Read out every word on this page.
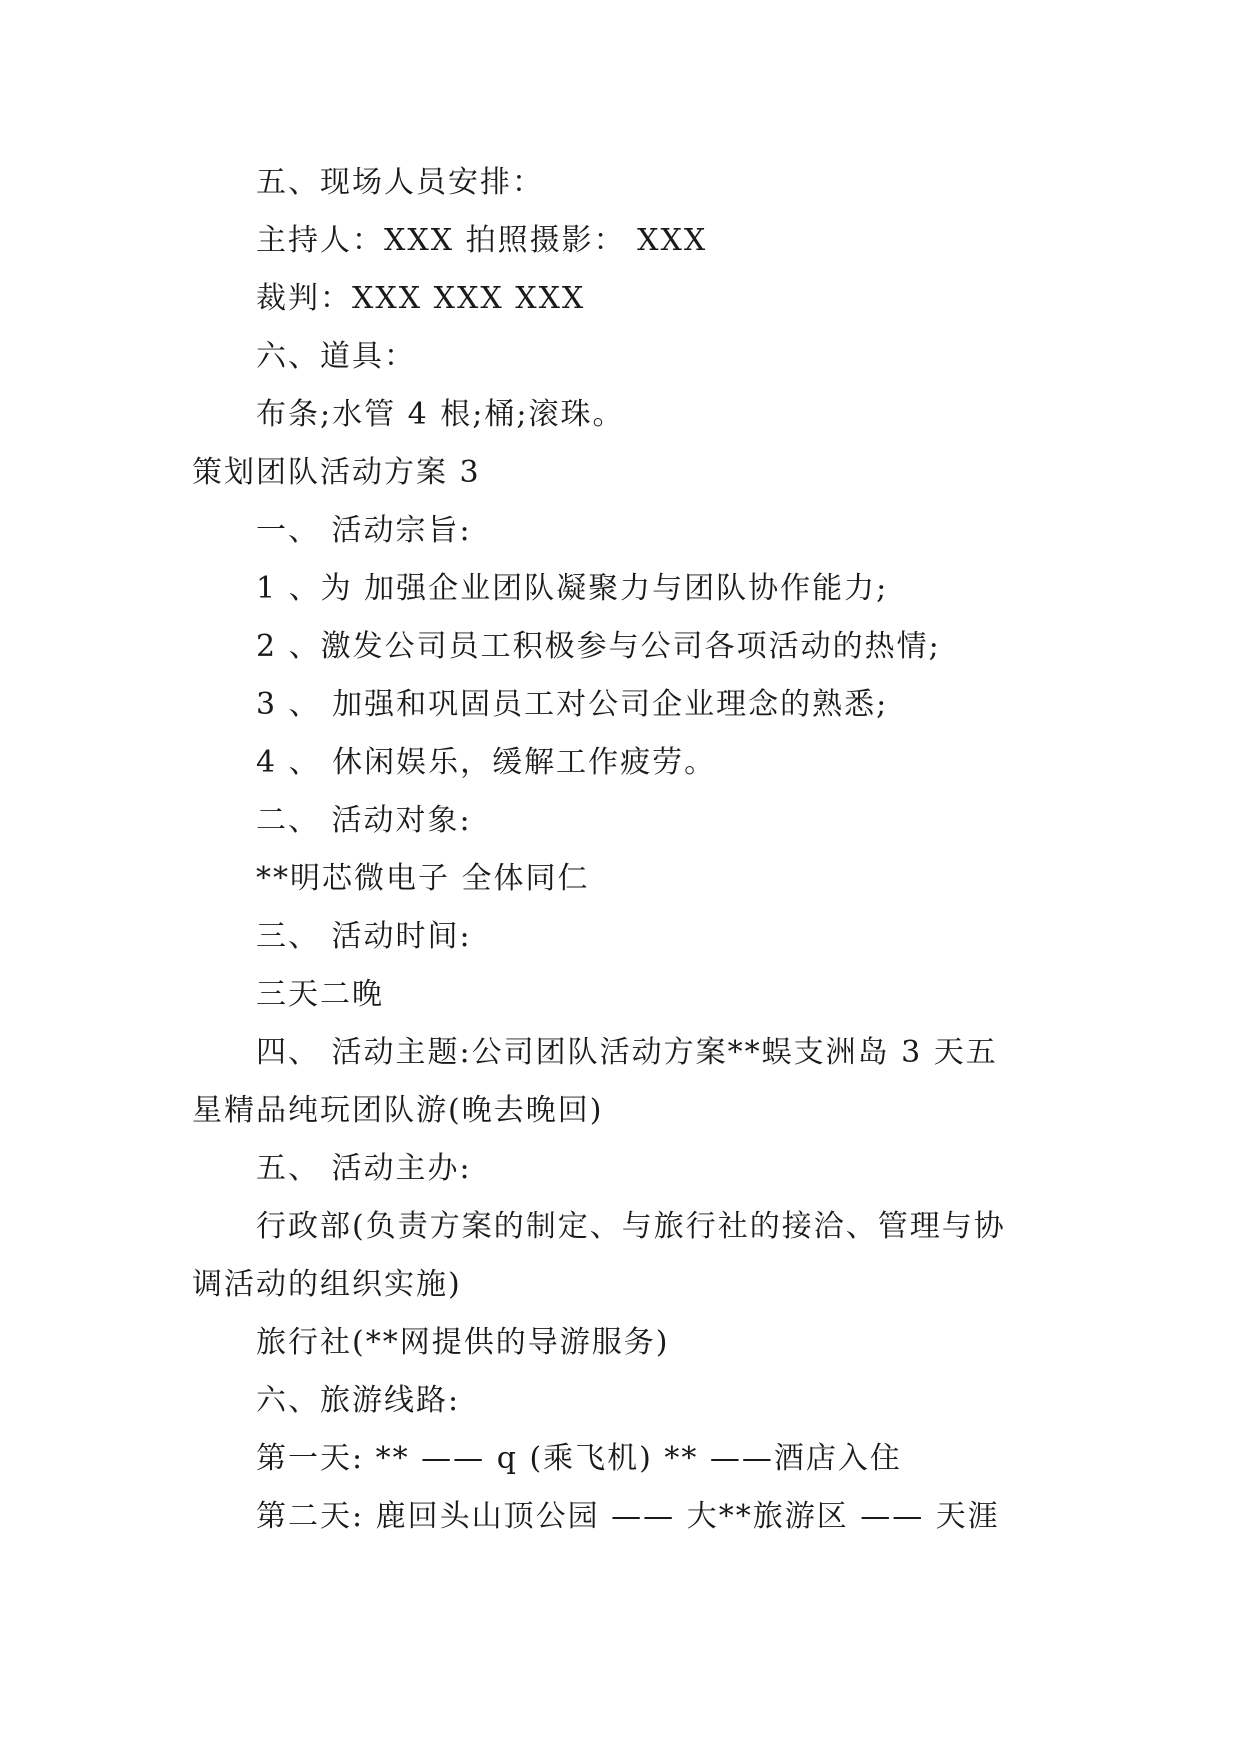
五、现场人员安排：
主持人：XXX 拍照摄影： XXX
裁判：XXX XXX XXX
六、道具：
布条;水管 4 根;桶;滚珠。
策划团队活动方案 3
一、 活动宗旨:
1 、为 加强企业团队凝聚力与团队协作能力;
2 、激发公司员工积极参与公司各项活动的热情;
3 、 加强和巩固员工对公司企业理念的熟悉;
4 、 休闲娱乐，缓解工作疲劳。
二、 活动对象:
**明芯微电子 全体同仁
三、 活动时间:
三天二晚
四、 活动主题:公司团队活动方案**蜈支洲岛 3 天五
星精品纯玩团队游(晚去晚回)
五、 活动主办:
行政部(负责方案的制定、与旅行社的接洽、管理与协
调活动的组织实施)
旅行社(**网提供的导游服务)
六、旅游线路:
第一天: ** —— q (乘飞机) ** ——酒店入住
第二天: 鹿回头山顶公园 —— 大**旅游区 —— 天涯
